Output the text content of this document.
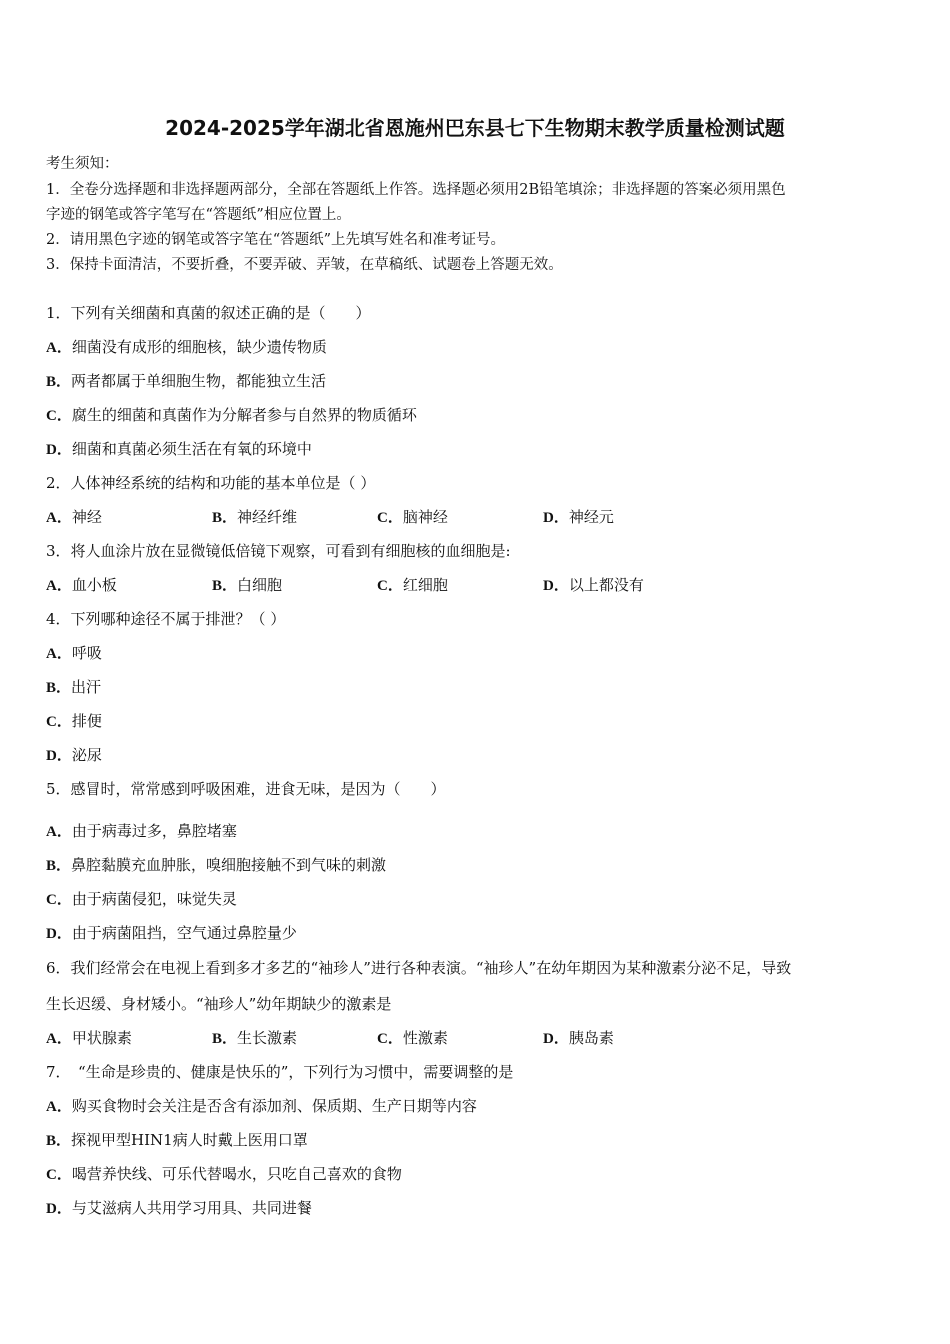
2024-2025学年湖北省恩施州巴东县七下生物期末教学质量检测试题
考生须知：
1．全卷分选择题和非选择题两部分，全部在答题纸上作答。选择题必须用2B铅笔填涂；非选择题的答案必须用黑色
字迹的钢笔或答字笔写在“答题纸”相应位置上。
2．请用黑色字迹的钢笔或答字笔在“答题纸”上先填写姓名和准考证号。
3．保持卡面清洁，不要折叠，不要弄破、弄皱，在草稿纸、试题卷上答题无效。
1．下列有关细菌和真菌的叙述正确的是（　　）
A．细菌没有成形的细胞核，缺少遗传物质
B．两者都属于单细胞生物，都能独立生活
C．腐生的细菌和真菌作为分解者参与自然界的物质循环
D．细菌和真菌必须生活在有氧的环境中
2．人体神经系统的结构和功能的基本单位是（ ）
A．神经	B．神经纤维	C．脑神经	D．神经元
3．将人血涂片放在显微镜低倍镜下观察，可看到有细胞核的血细胞是:
A．血小板	B．白细胞	C．红细胞	D．以上都没有
4．下列哪种途径不属于排泄？（ ）
A．呼吸
B．出汗
C．排便
D．泌尿
5．感冒时，常常感到呼吸困难，进食无味，是因为（　　）
A．由于病毒过多，鼻腔堵塞
B．鼻腔黏膜充血肿胀，嗅细胞接触不到气味的刺激
C．由于病菌侵犯，味觉失灵
D．由于病菌阻挡，空气通过鼻腔量少
6．我们经常会在电视上看到多才多艺的“袖珍人”进行各种表演。“袖珍人”在幼年期因为某种激素分泌不足，导致
生长迟缓、身材矮小。“袖珍人”幼年期缺少的激素是
A．甲状腺素	B．生长激素	C．性激素	D．胰岛素
7．　“生命是珍贵的、健康是快乐的”，下列行为习惯中，需要调整的是
A．购买食物时会关注是否含有添加剂、保质期、生产日期等内容
B．探视甲型HIN1病人时戴上医用口罩
C．喝营养快线、可乐代替喝水，只吃自己喜欢的食物
D．与艾滋病人共用学习用具、共同进餐
